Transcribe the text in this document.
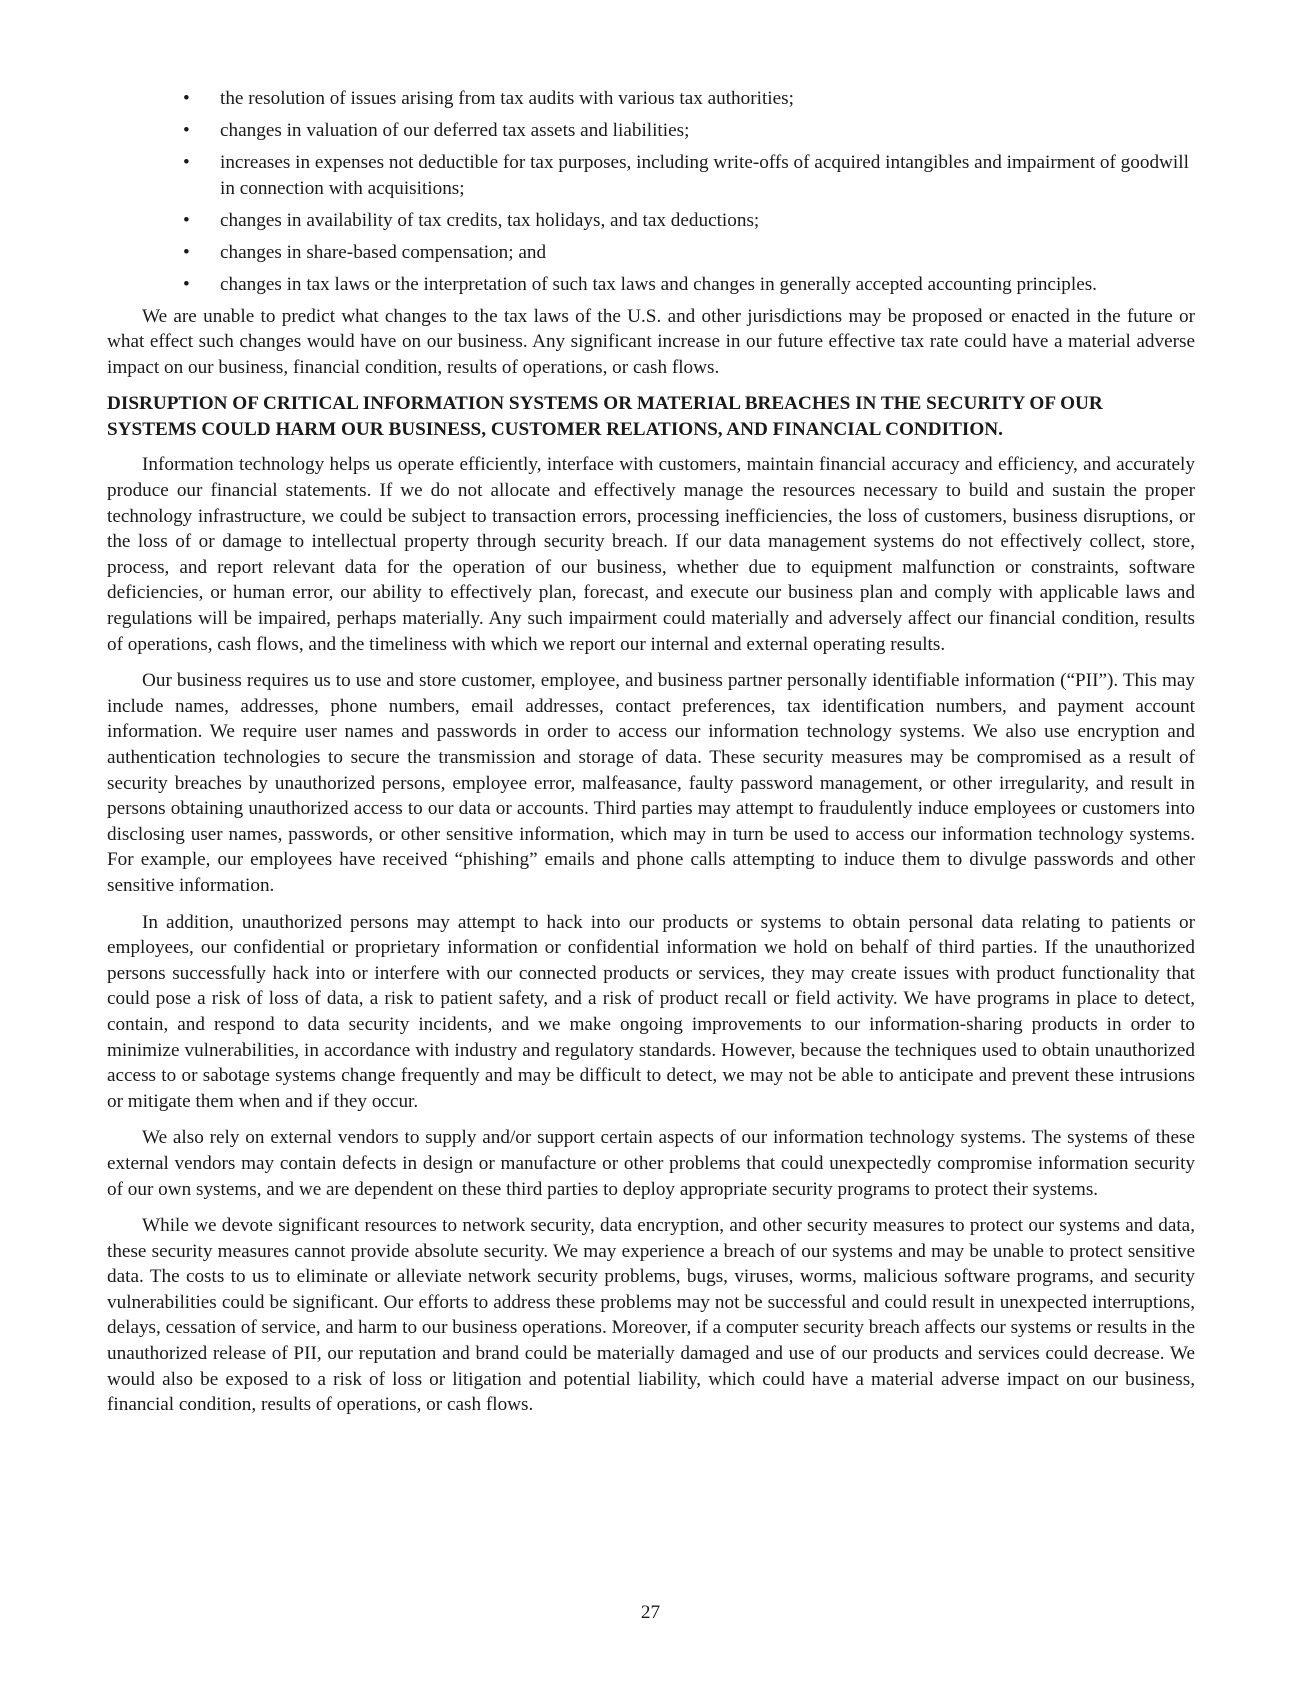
• the resolution of issues arising from tax audits with various tax authorities;
• changes in valuation of our deferred tax assets and liabilities;
• increases in expenses not deductible for tax purposes, including write-offs of acquired intangibles and impairment of goodwill in connection with acquisitions;
• changes in availability of tax credits, tax holidays, and tax deductions;
• changes in share-based compensation; and
• changes in tax laws or the interpretation of such tax laws and changes in generally accepted accounting principles.

We are unable to predict what changes to the tax laws of the U.S. and other jurisdictions may be proposed or enacted in the future or what effect such changes would have on our business. Any significant increase in our future effective tax rate could have a material adverse impact on our business, financial condition, results of operations, or cash flows.

DISRUPTION OF CRITICAL INFORMATION SYSTEMS OR MATERIAL BREACHES IN THE SECURITY OF OUR SYSTEMS COULD HARM OUR BUSINESS, CUSTOMER RELATIONS, AND FINANCIAL CONDITION.

Information technology helps us operate efficiently, interface with customers, maintain financial accuracy and efficiency, and accurately produce our financial statements. If we do not allocate and effectively manage the resources necessary to build and sustain the proper technology infrastructure, we could be subject to transaction errors, processing inefficiencies, the loss of customers, business disruptions, or the loss of or damage to intellectual property through security breach. If our data management systems do not effectively collect, store, process, and report relevant data for the operation of our business, whether due to equipment malfunction or constraints, software deficiencies, or human error, our ability to effectively plan, forecast, and execute our business plan and comply with applicable laws and regulations will be impaired, perhaps materially. Any such impairment could materially and adversely affect our financial condition, results of operations, cash flows, and the timeliness with which we report our internal and external operating results.

Our business requires us to use and store customer, employee, and business partner personally identifiable information (“PII”). This may include names, addresses, phone numbers, email addresses, contact preferences, tax identification numbers, and payment account information. We require user names and passwords in order to access our information technology systems. We also use encryption and authentication technologies to secure the transmission and storage of data. These security measures may be compromised as a result of security breaches by unauthorized persons, employee error, malfeasance, faulty password management, or other irregularity, and result in persons obtaining unauthorized access to our data or accounts. Third parties may attempt to fraudulently induce employees or customers into disclosing user names, passwords, or other sensitive information, which may in turn be used to access our information technology systems. For example, our employees have received “phishing” emails and phone calls attempting to induce them to divulge passwords and other sensitive information.

In addition, unauthorized persons may attempt to hack into our products or systems to obtain personal data relating to patients or employees, our confidential or proprietary information or confidential information we hold on behalf of third parties. If the unauthorized persons successfully hack into or interfere with our connected products or services, they may create issues with product functionality that could pose a risk of loss of data, a risk to patient safety, and a risk of product recall or field activity. We have programs in place to detect, contain, and respond to data security incidents, and we make ongoing improvements to our information-sharing products in order to minimize vulnerabilities, in accordance with industry and regulatory standards. However, because the techniques used to obtain unauthorized access to or sabotage systems change frequently and may be difficult to detect, we may not be able to anticipate and prevent these intrusions or mitigate them when and if they occur.

We also rely on external vendors to supply and/or support certain aspects of our information technology systems. The systems of these external vendors may contain defects in design or manufacture or other problems that could unexpectedly compromise information security of our own systems, and we are dependent on these third parties to deploy appropriate security programs to protect their systems.

While we devote significant resources to network security, data encryption, and other security measures to protect our systems and data, these security measures cannot provide absolute security. We may experience a breach of our systems and may be unable to protect sensitive data. The costs to us to eliminate or alleviate network security problems, bugs, viruses, worms, malicious software programs, and security vulnerabilities could be significant. Our efforts to address these problems may not be successful and could result in unexpected interruptions, delays, cessation of service, and harm to our business operations. Moreover, if a computer security breach affects our systems or results in the unauthorized release of PII, our reputation and brand could be materially damaged and use of our products and services could decrease. We would also be exposed to a risk of loss or litigation and potential liability, which could have a material adverse impact on our business, financial condition, results of operations, or cash flows.

27
